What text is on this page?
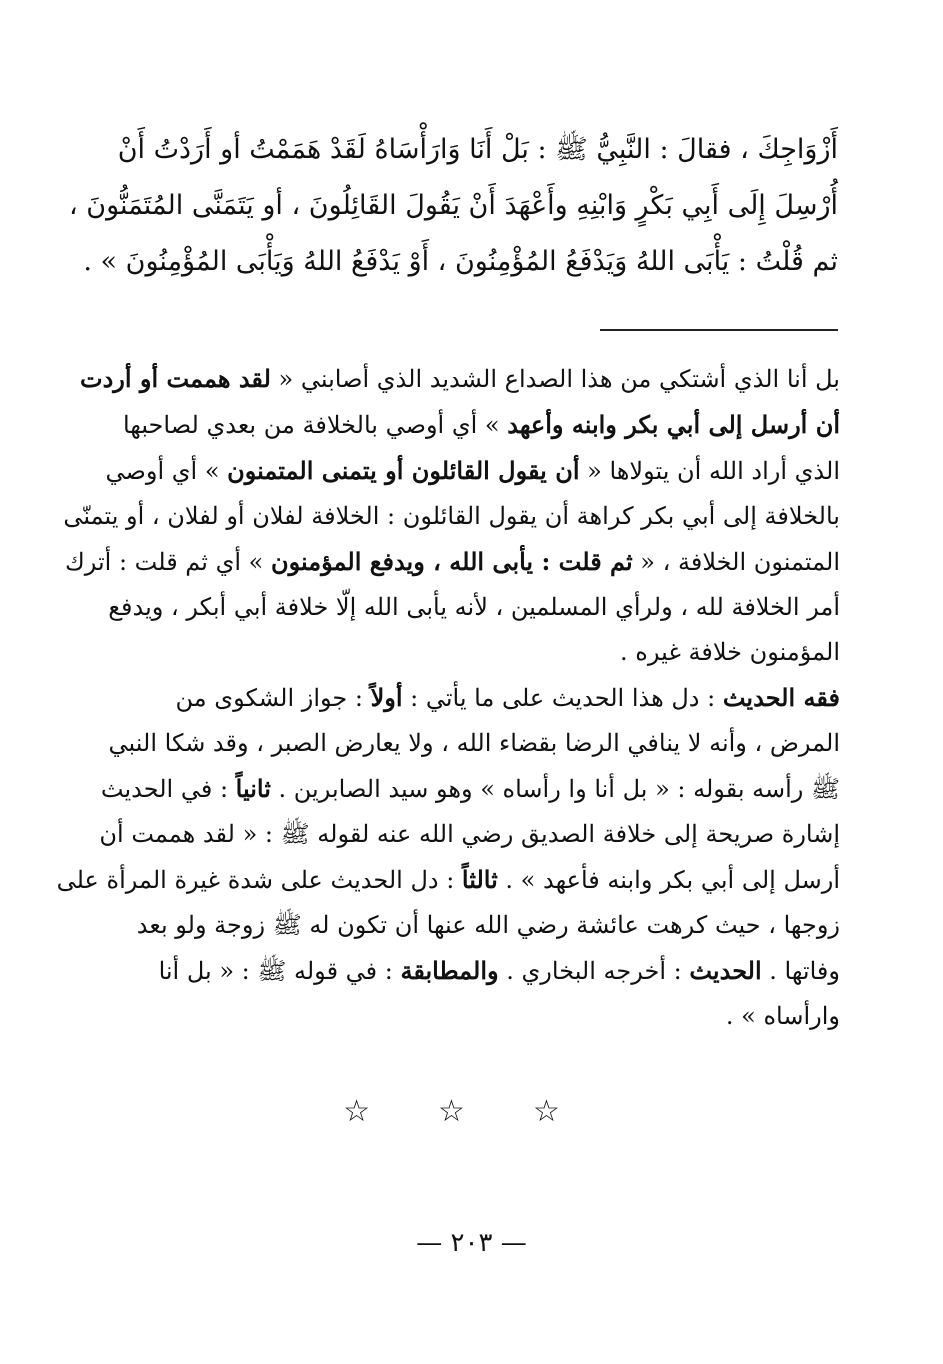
أَزْوَاجِكَ ، فقالَ : النَّبِيُّ ﷺ : بَلْ أَنَا وَارَأْسَاهُ لَقَدْ هَمَمْتُ أو أَرَدْتُ أَنْ
أُرْسِلَ إِلَى أَبِي بَكْرٍ وَابْنِهِ وأَعْهَدَ أَنْ يَقُولَ القَائِلُونَ ، أو يَتَمَنَّى المُتَمَنُّونَ ،
ثم قُلْتُ : يَأْبَى اللهُ وَيَدْفَعُ المُؤْمِنُونَ ، أَوْ يَدْفَعُ اللهُ وَيَأْبَى المُؤْمِنُونَ » .
بل أنا الذي أشتكي من هذا الصداع الشديد الذي أصابني « لقد هممت أو أردت
أن أرسل إلى أبي بكر وابنه وأعهد » أي أوصي بالخلافة من بعدي لصاحبها
الذي أراد الله أن يتولاها « أن يقول القائلون أو يتمنى المتمنون » أي أوصي
بالخلافة إلى أبي بكر كراهة أن يقول القائلون : الخلافة لفلان أو لفلان ، أو يتمنّى
المتمنون الخلافة ، « ثم قلت : يأبى الله ، ويدفع المؤمنون » أي ثم قلت : أترك
أمر الخلافة لله ، ولرأي المسلمين ، لأنه يأبى الله إلّا خلافة أبي أبكر ، ويدفع
المؤمنون خلافة غيره .
فقه الحديث : دل هذا الحديث على ما يأتي : أولاً : جواز الشكوى من
المرض ، وأنه لا ينافي الرضا بقضاء الله ، ولا يعارض الصبر ، وقد شكا النبي
ﷺ رأسه بقوله : « بل أنا وا رأساه » وهو سيد الصابرين . ثانياً : في الحديث
إشارة صريحة إلى خلافة الصديق رضي الله عنه لقوله ﷺ : « لقد هممت أن
أرسل إلى أبي بكر وابنه فأعهد » . ثالثاً : دل الحديث على شدة غيرة المرأة على
زوجها ، حيث كرهت عائشة رضي الله عنها أن تكون له ﷺ زوجة ولو بعد
وفاتها . الحديث : أخرجه البخاري . والمطابقة : في قوله ﷺ : « بل أنا
وارأساه » .
☆ ☆ ☆
— ٢٠٣ —
